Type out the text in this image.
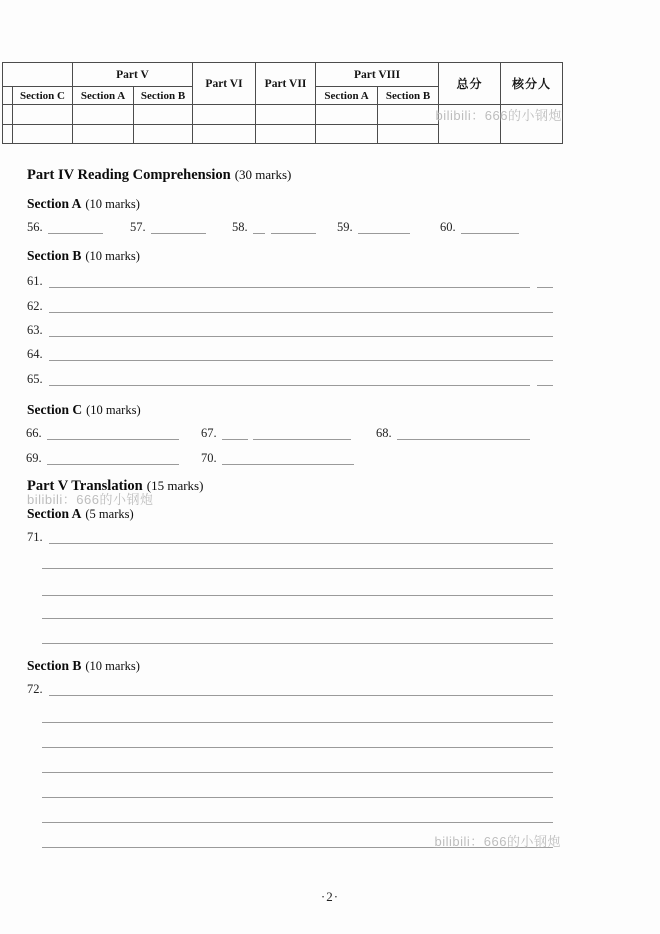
		Part V		Part VI	Part VII	Part VIII		总分	核分人
	Section C	Section A	Section B			Section A	Section B		

bilibili：666的小钢炮
Part IV Reading Comprehension (30 marks)
Section A (10 marks)
56.	57.	58.	59.	60.
Section B (10 marks)
61.
62.
63.
64.
65.
Section C (10 marks)
66.	67.	68.
69.	70.
Part V Translation (15 marks)
bilibili：666的小钢炮
Section A (5 marks)
71.
Section B (10 marks)
72.
bilibili：666的小钢炮
·2·
